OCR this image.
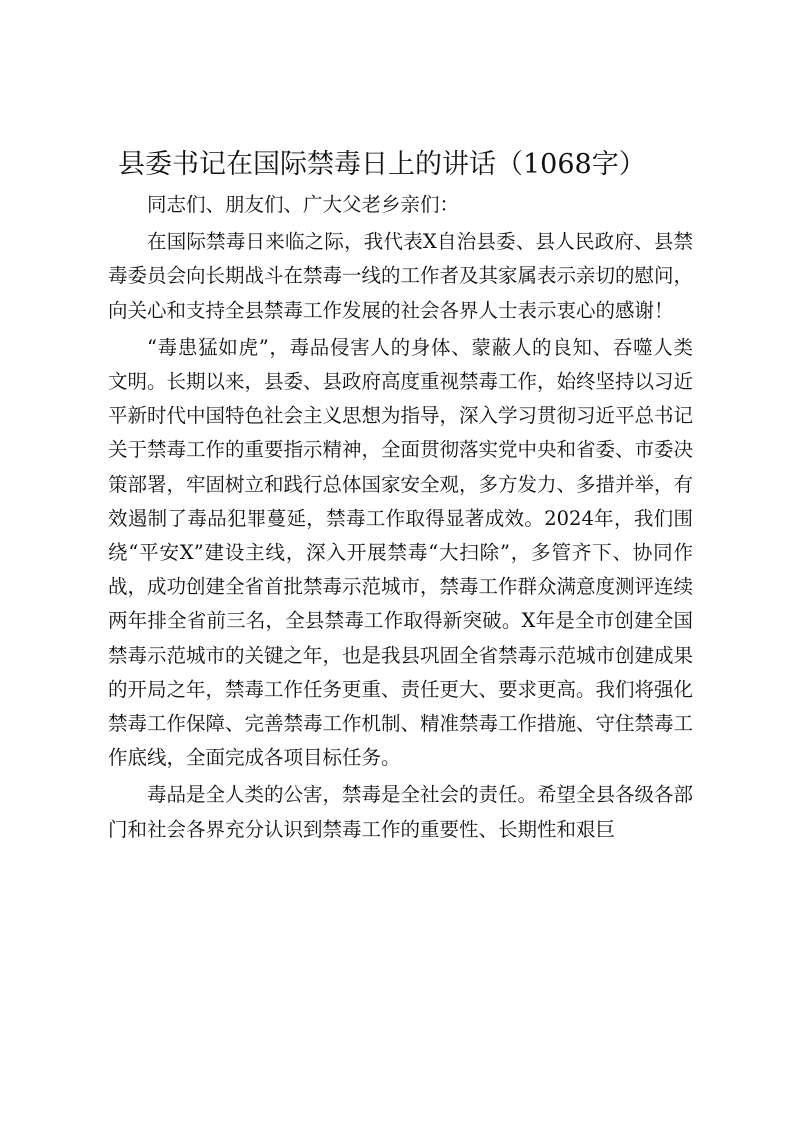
县委书记在国际禁毒日上的讲话（1068字）

同志们、朋友们、广大父老乡亲们：

在国际禁毒日来临之际，我代表X自治县委、县人民政府、县禁毒委员会向长期战斗在禁毒一线的工作者及其家属表示亲切的慰问，向关心和支持全县禁毒工作发展的社会各界人士表示衷心的感谢！

“毒患猛如虎”，毒品侵害人的身体、蒙蔽人的良知、吞噬人类文明。长期以来，县委、县政府高度重视禁毒工作，始终坚持以习近平新时代中国特色社会主义思想为指导，深入学习贯彻习近平总书记关于禁毒工作的重要指示精神，全面贯彻落实党中央和省委、市委决策部署，牢固树立和践行总体国家安全观，多方发力、多措并举，有效遏制了毒品犯罪蔓延，禁毒工作取得显著成效。2024年，我们围绕“平安X”建设主线，深入开展禁毒“大扫除”，多管齐下、协同作战，成功创建全省首批禁毒示范城市，禁毒工作群众满意度测评连续两年排全省前三名，全县禁毒工作取得新突破。X年是全市创建全国禁毒示范城市的关键之年，也是我县巩固全省禁毒示范城市创建成果的开局之年，禁毒工作任务更重、责任更大、要求更高。我们将强化禁毒工作保障、完善禁毒工作机制、精准禁毒工作措施、守住禁毒工作底线，全面完成各项目标任务。

毒品是全人类的公害，禁毒是全社会的责任。希望全县各级各部门和社会各界充分认识到禁毒工作的重要性、长期性和艰巨
